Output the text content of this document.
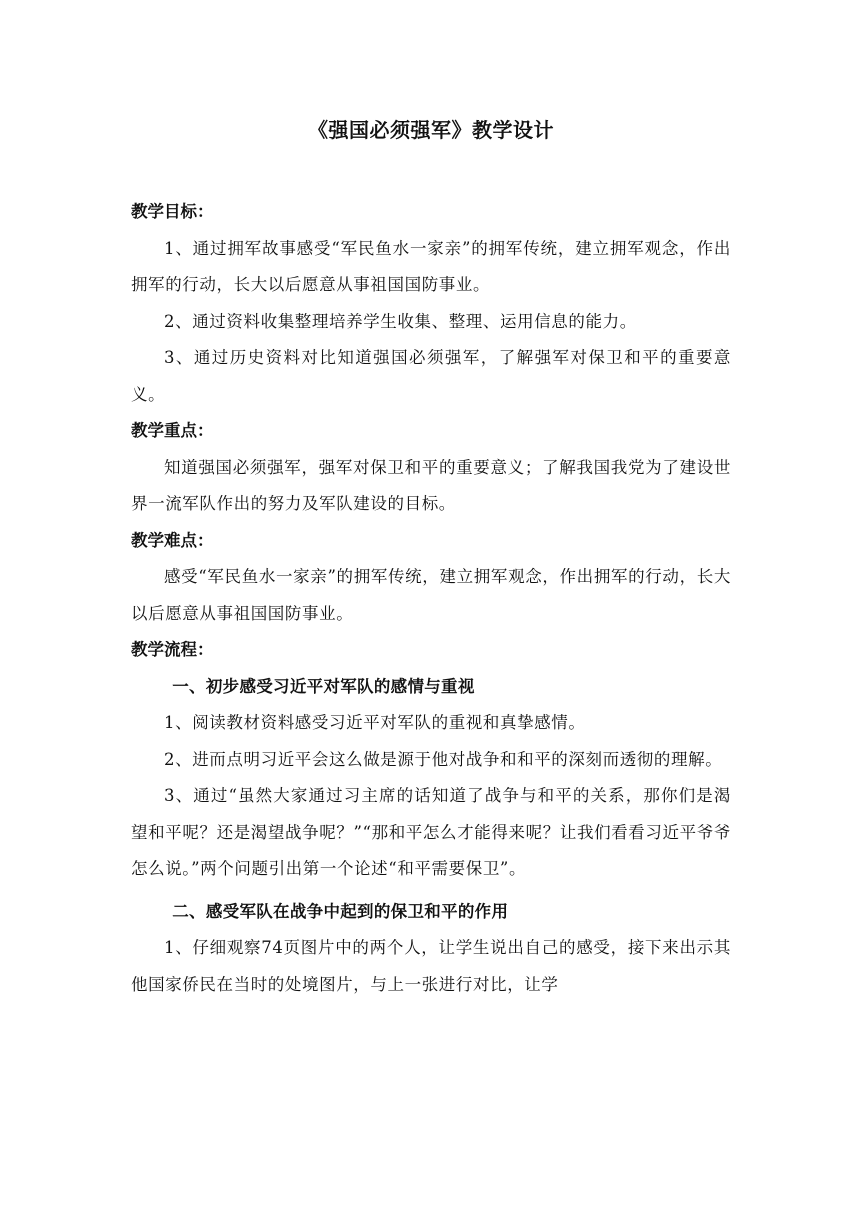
《强国必须强军》教学设计
教学目标：

1、通过拥军故事感受“军民鱼水一家亲”的拥军传统，建立拥军观念，作出拥军的行动，长大以后愿意从事祖国国防事业。

2、通过资料收集整理培养学生收集、整理、运用信息的能力。

3、通过历史资料对比知道强国必须强军，了解强军对保卫和平的重要意义。

教学重点：

知道强国必须强军，强军对保卫和平的重要意义；了解我国我党为了建设世界一流军队作出的努力及军队建设的目标。

教学难点：

感受“军民鱼水一家亲”的拥军传统，建立拥军观念，作出拥军的行动，长大以后愿意从事祖国国防事业。

教学流程：
一、初步感受习近平对军队的感情与重视

1、阅读教材资料感受习近平对军队的重视和真挚感情。

2、进而点明习近平会这么做是源于他对战争和和平的深刻而透彻的理解。

3、通过“虽然大家通过习主席的话知道了战争与和平的关系，那你们是渴望和平呢？还是渴望战争呢？”“那和平怎么才能得来呢？让我们看看习近平爷爷怎么说。”两个问题引出第一个论述“和平需要保卫”。

二、感受军队在战争中起到的保卫和平的作用

1、仔细观察74页图片中的两个人，让学生说出自己的感受，接下来出示其他国家侨民在当时的处境图片，与上一张进行对比，让学
